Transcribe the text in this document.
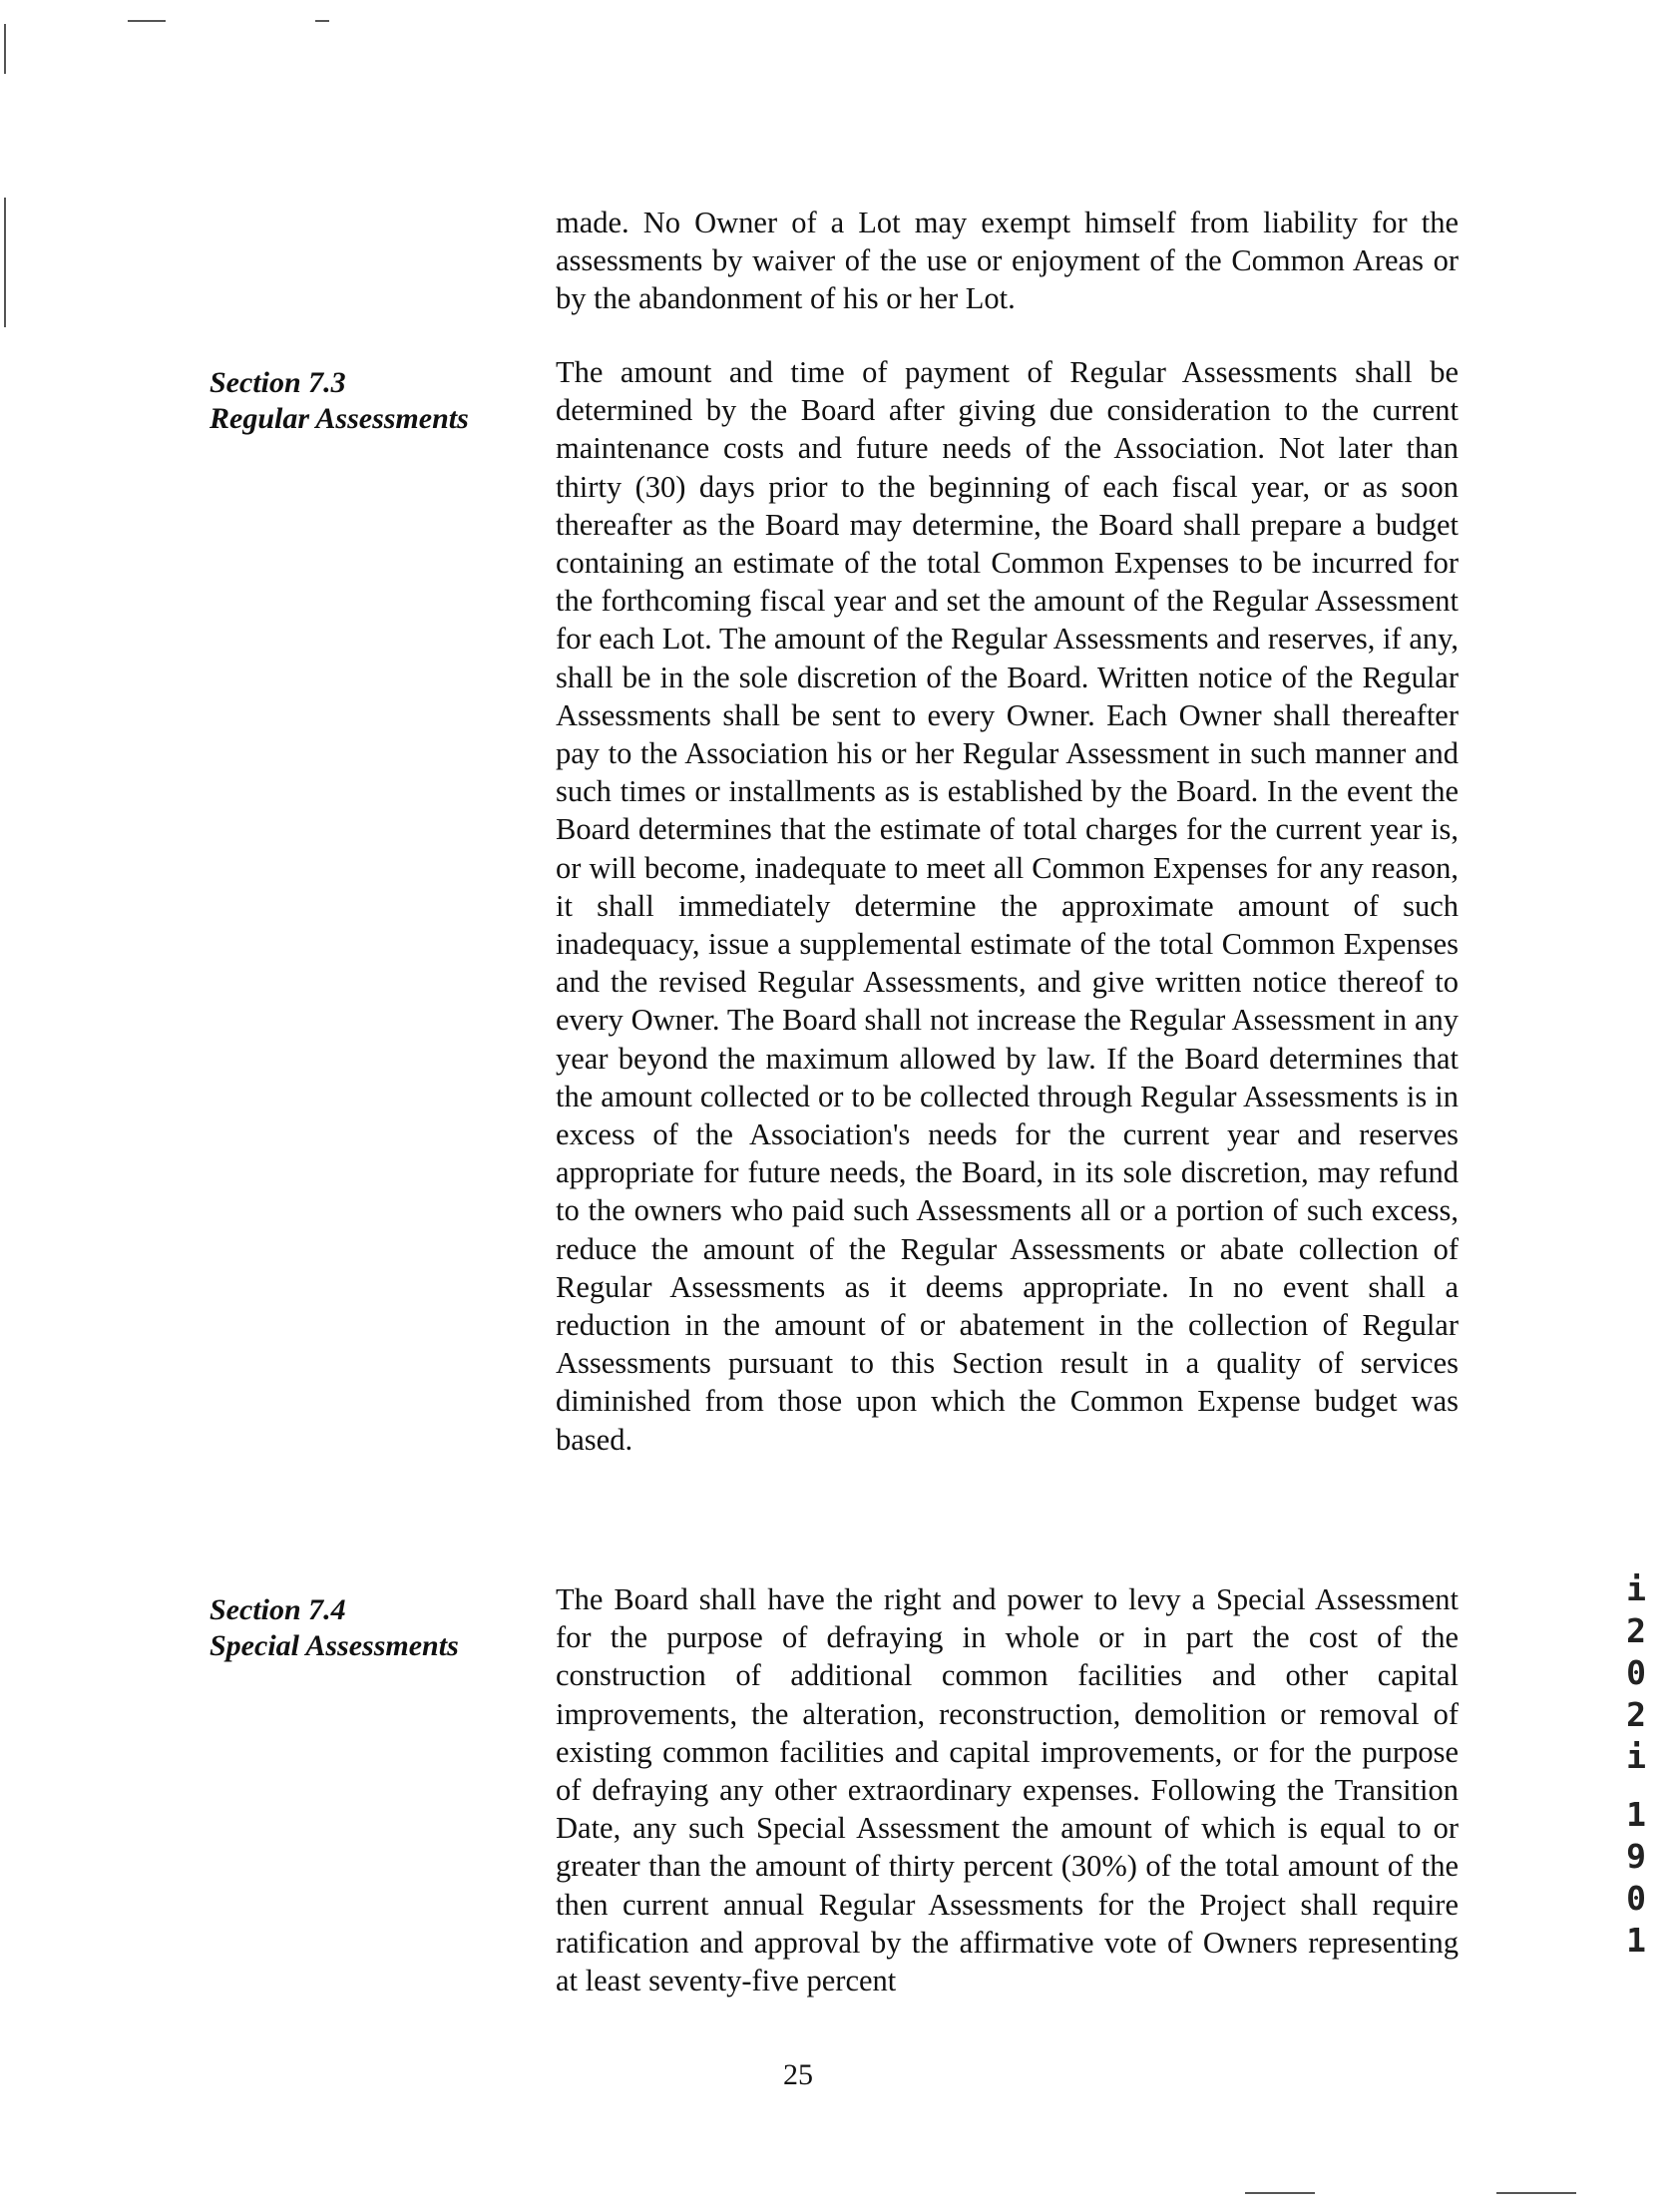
made. No Owner of a Lot may exempt himself from liability for the assessments by waiver of the use or enjoyment of the Common Areas or by the abandonment of his or her Lot.

Section 7.3
Regular Assessments

The amount and time of payment of Regular Assessments shall be determined by the Board after giving due consideration to the current maintenance costs and future needs of the Association. Not later than thirty (30) days prior to the beginning of each fiscal year, or as soon thereafter as the Board may determine, the Board shall prepare a budget containing an estimate of the total Common Expenses to be incurred for the forthcoming fiscal year and set the amount of the Regular Assessment for each Lot. The amount of the Regular Assessments and reserves, if any, shall be in the sole discretion of the Board. Written notice of the Regular Assessments shall be sent to every Owner. Each Owner shall thereafter pay to the Association his or her Regular Assessment in such manner and such times or installments as is established by the Board. In the event the Board determines that the estimate of total charges for the current year is, or will become, inadequate to meet all Common Expenses for any reason, it shall immediately determine the approximate amount of such inadequacy, issue a supplemental estimate of the total Common Expenses and the revised Regular Assessments, and give written notice thereof to every Owner. The Board shall not increase the Regular Assessment in any year beyond the maximum allowed by law. If the Board determines that the amount collected or to be collected through Regular Assessments is in excess of the Association's needs for the current year and reserves appropriate for future needs, the Board, in its sole discretion, may refund to the owners who paid such Assessments all or a portion of such excess, reduce the amount of the Regular Assessments or abate collection of Regular Assessments as it deems appropriate. In no event shall a reduction in the amount of or abatement in the collection of Regular Assessments pursuant to this Section result in a quality of services diminished from those upon which the Common Expense budget was based.

Section 7.4
Special Assessments

The Board shall have the right and power to levy a Special Assessment for the purpose of defraying in whole or in part the cost of the construction of additional common facilities and other capital improvements, the alteration, reconstruction, demolition or removal of existing common facilities and capital improvements, or for the purpose of defraying any other extraordinary expenses. Following the Transition Date, any such Special Assessment the amount of which is equal to or greater than the amount of thirty percent (30%) of the total amount of the then current annual Regular Assessments for the Project shall require ratification and approval by the affirmative vote of Owners representing at least seventy-five percent

25
i
2
0
2
i
1
9
0
1
